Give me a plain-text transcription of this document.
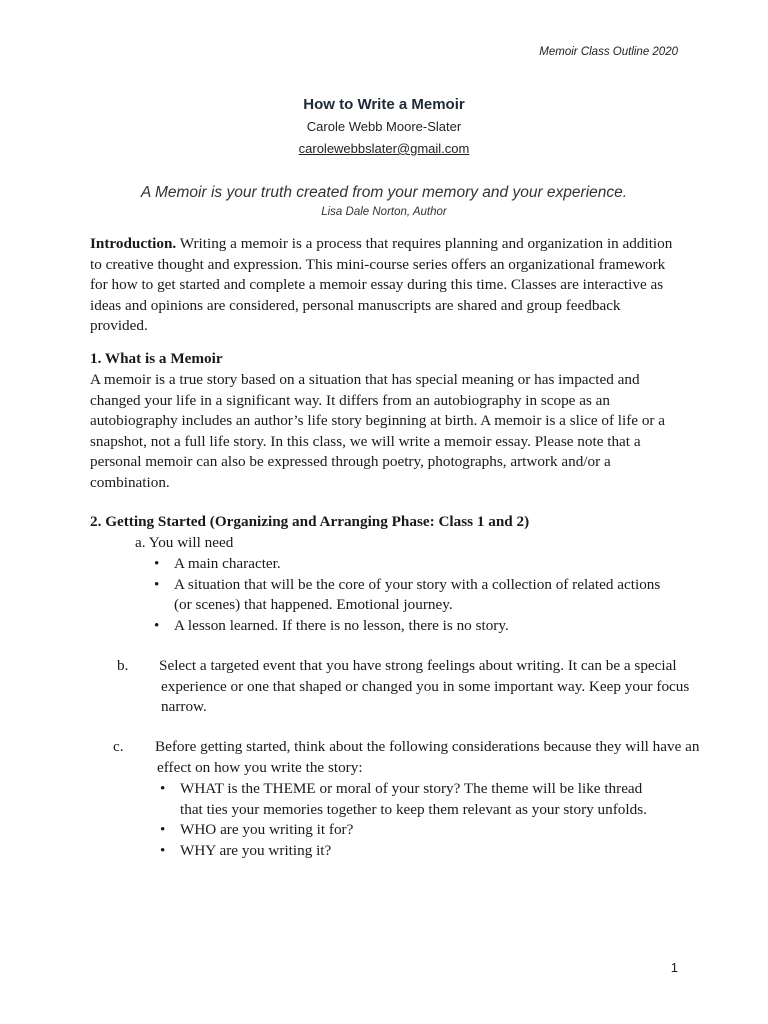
Memoir Class Outline 2020
How to Write a Memoir
Carole Webb Moore-Slater
carolewebbslater@gmail.com
A Memoir is your truth created from your memory and your experience.
Lisa Dale Norton, Author
Introduction. Writing a memoir is a process that requires planning and organization in addition to creative thought and expression. This mini-course series offers an organizational framework for how to get started and complete a memoir essay during this time. Classes are interactive as ideas and opinions are considered, personal manuscripts are shared and group feedback provided.
1. What is a Memoir
A memoir is a true story based on a situation that has special meaning or has impacted and changed your life in a significant way. It differs from an autobiography in scope as an autobiography includes an author’s life story beginning at birth. A memoir is a slice of life or a snapshot, not a full life story. In this class, we will write a memoir essay. Please note that a personal memoir can also be expressed through poetry, photographs, artwork and/or a combination.
2. Getting Started (Organizing and Arranging Phase: Class 1 and 2)
a. You will need
• A main character.
• A situation that will be the core of your story with a collection of related actions (or scenes) that happened. Emotional journey.
• A lesson learned. If there is no lesson, there is no story.
b. Select a targeted event that you have strong feelings about writing. It can be a special experience or one that shaped or changed you in some important way. Keep your focus narrow.
c. Before getting started, think about the following considerations because they will have an effect on how you write the story:
• WHAT is the THEME or moral of your story? The theme will be like thread that ties your memories together to keep them relevant as your story unfolds.
• WHO are you writing it for?
• WHY are you writing it?
1
